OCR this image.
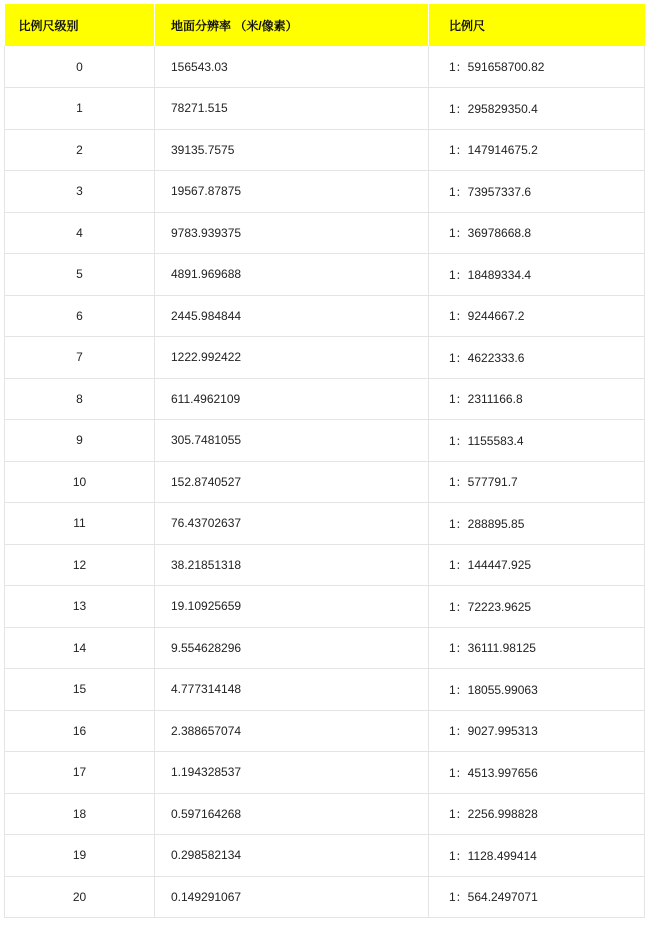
比例尺级别	地面分辨率 （米/像素）	比例尺
0	156543.03	1：591658700.82
1	78271.515	1：295829350.4
2	39135.7575	1：147914675.2
3	19567.87875	1：73957337.6
4	9783.939375	1：36978668.8
5	4891.969688	1：18489334.4
6	2445.984844	1：9244667.2
7	1222.992422	1：4622333.6
8	611.4962109	1：2311166.8
9	305.7481055	1：1155583.4
10	152.8740527	1：577791.7
11	76.43702637	1：288895.85
12	38.21851318	1：144447.925
13	19.10925659	1：72223.9625
14	9.554628296	1：36111.98125
15	4.777314148	1：18055.99063
16	2.388657074	1：9027.995313
17	1.194328537	1：4513.997656
18	0.597164268	1：2256.998828
19	0.298582134	1：1128.499414
20	0.149291067	1：564.2497071
